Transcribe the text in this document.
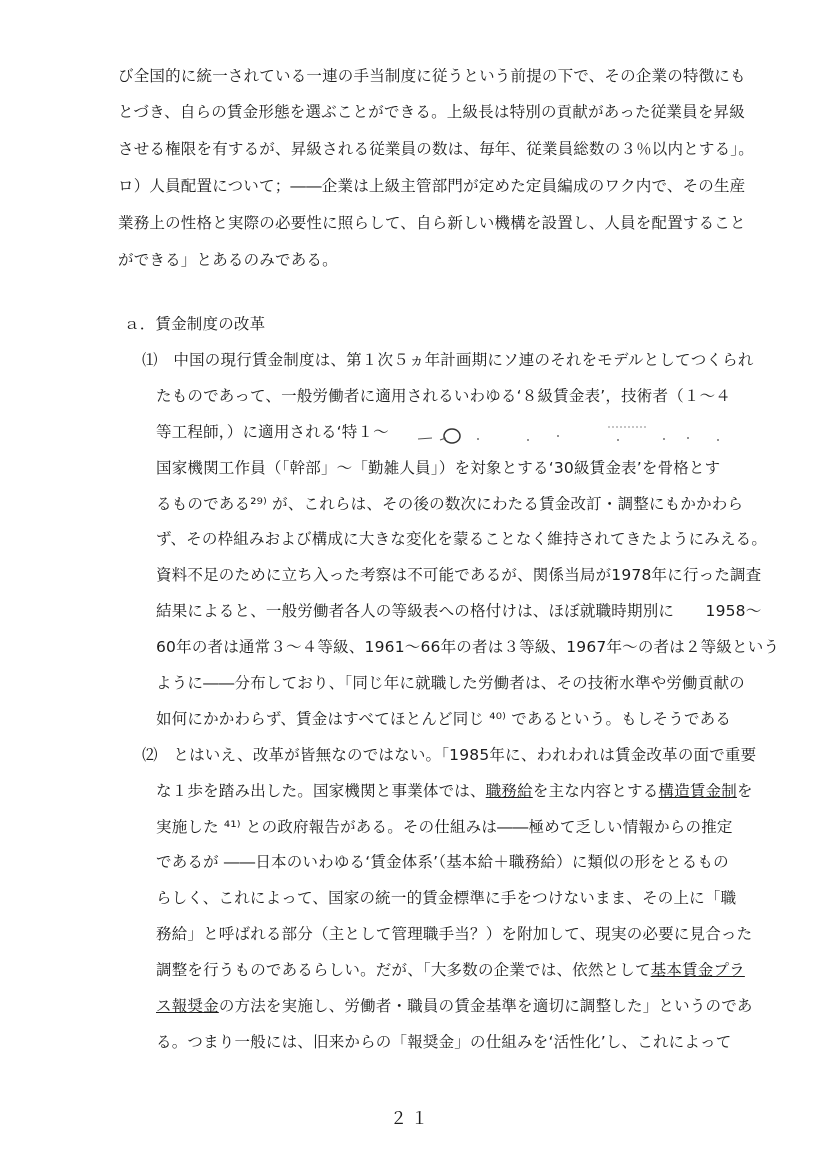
び全国的に統一されている一連の手当制度に従うという前提の下で、その企業の特徴にも
とづき、自らの賃金形態を選ぶことができる。上級長は特別の貢献があった従業員を昇級
させる権限を有するが、昇級される従業員の数は、毎年、従業員総数の３％以内とする」。
ロ）人員配置について；――企業は上級主管部門が定めた定員編成のワク内で、その生産
業務上の性格と実際の必要性に照らして、自ら新しい機構を設置し、人員を配置すること
ができる」とあるのみである。
ａ．賃金制度の改革
⑴　中国の現行賃金制度は、第１次５ヵ年計画期にソ連のそれをモデルとしてつくられ
たものであって、一般労働者に適用されるいわゆる‘８級賃金表’，技術者（１～４
等工程師，）に適用される‘特１～
国家機関工作員（「幹部」～「勤雑人員」）を対象とする‘30級賃金表’を骨格とす
るものである²⁹⁾ が、これらは、その後の数次にわたる賃金改訂・調整にもかかわら
ず、その枠組みおよび構成に大きな変化を蒙ることなく維持されてきたようにみえる。
資料不足のために立ち入った考察は不可能であるが、関係当局が1978年に行った調査
結果によると、一般労働者各人の等級表への格付けは、ほぼ就職時期別に　　1958～
60年の者は通常３～４等級、1961～66年の者は３等級、1967年～の者は２等級という
ように――分布しており、「同じ年に就職した労働者は、その技術水準や労働貢献の
如何にかかわらず、賃金はすべてほとんど同じ ⁴⁰⁾ であるという。もしそうである
⑵　とはいえ、改革が皆無なのではない。「1985年に、われわれは賃金改革の面で重要
な１歩を踏み出した。国家機関と事業体では、職務給を主な内容とする構造賃金制を
実施した ⁴¹⁾ との政府報告がある。その仕組みは――極めて乏しい情報からの推定
であるが ――日本のいわゆる‘賃金体系’（基本給＋職務給）に類似の形をとるもの
らしく、これによって、国家の統一的賃金標準に手をつけないまま、その上に「職
務給」と呼ばれる部分（主として管理職手当？）を附加して、現実の必要に見合った
調整を行うものであるらしい。だが、「大多数の企業では、依然として基本賃金プラ
ス報奨金の方法を実施し、労働者・職員の賃金基準を適切に調整した」というのであ
る。つまり一般には、旧来からの「報奨金」の仕組みを‘活性化’し、これによって
２１
